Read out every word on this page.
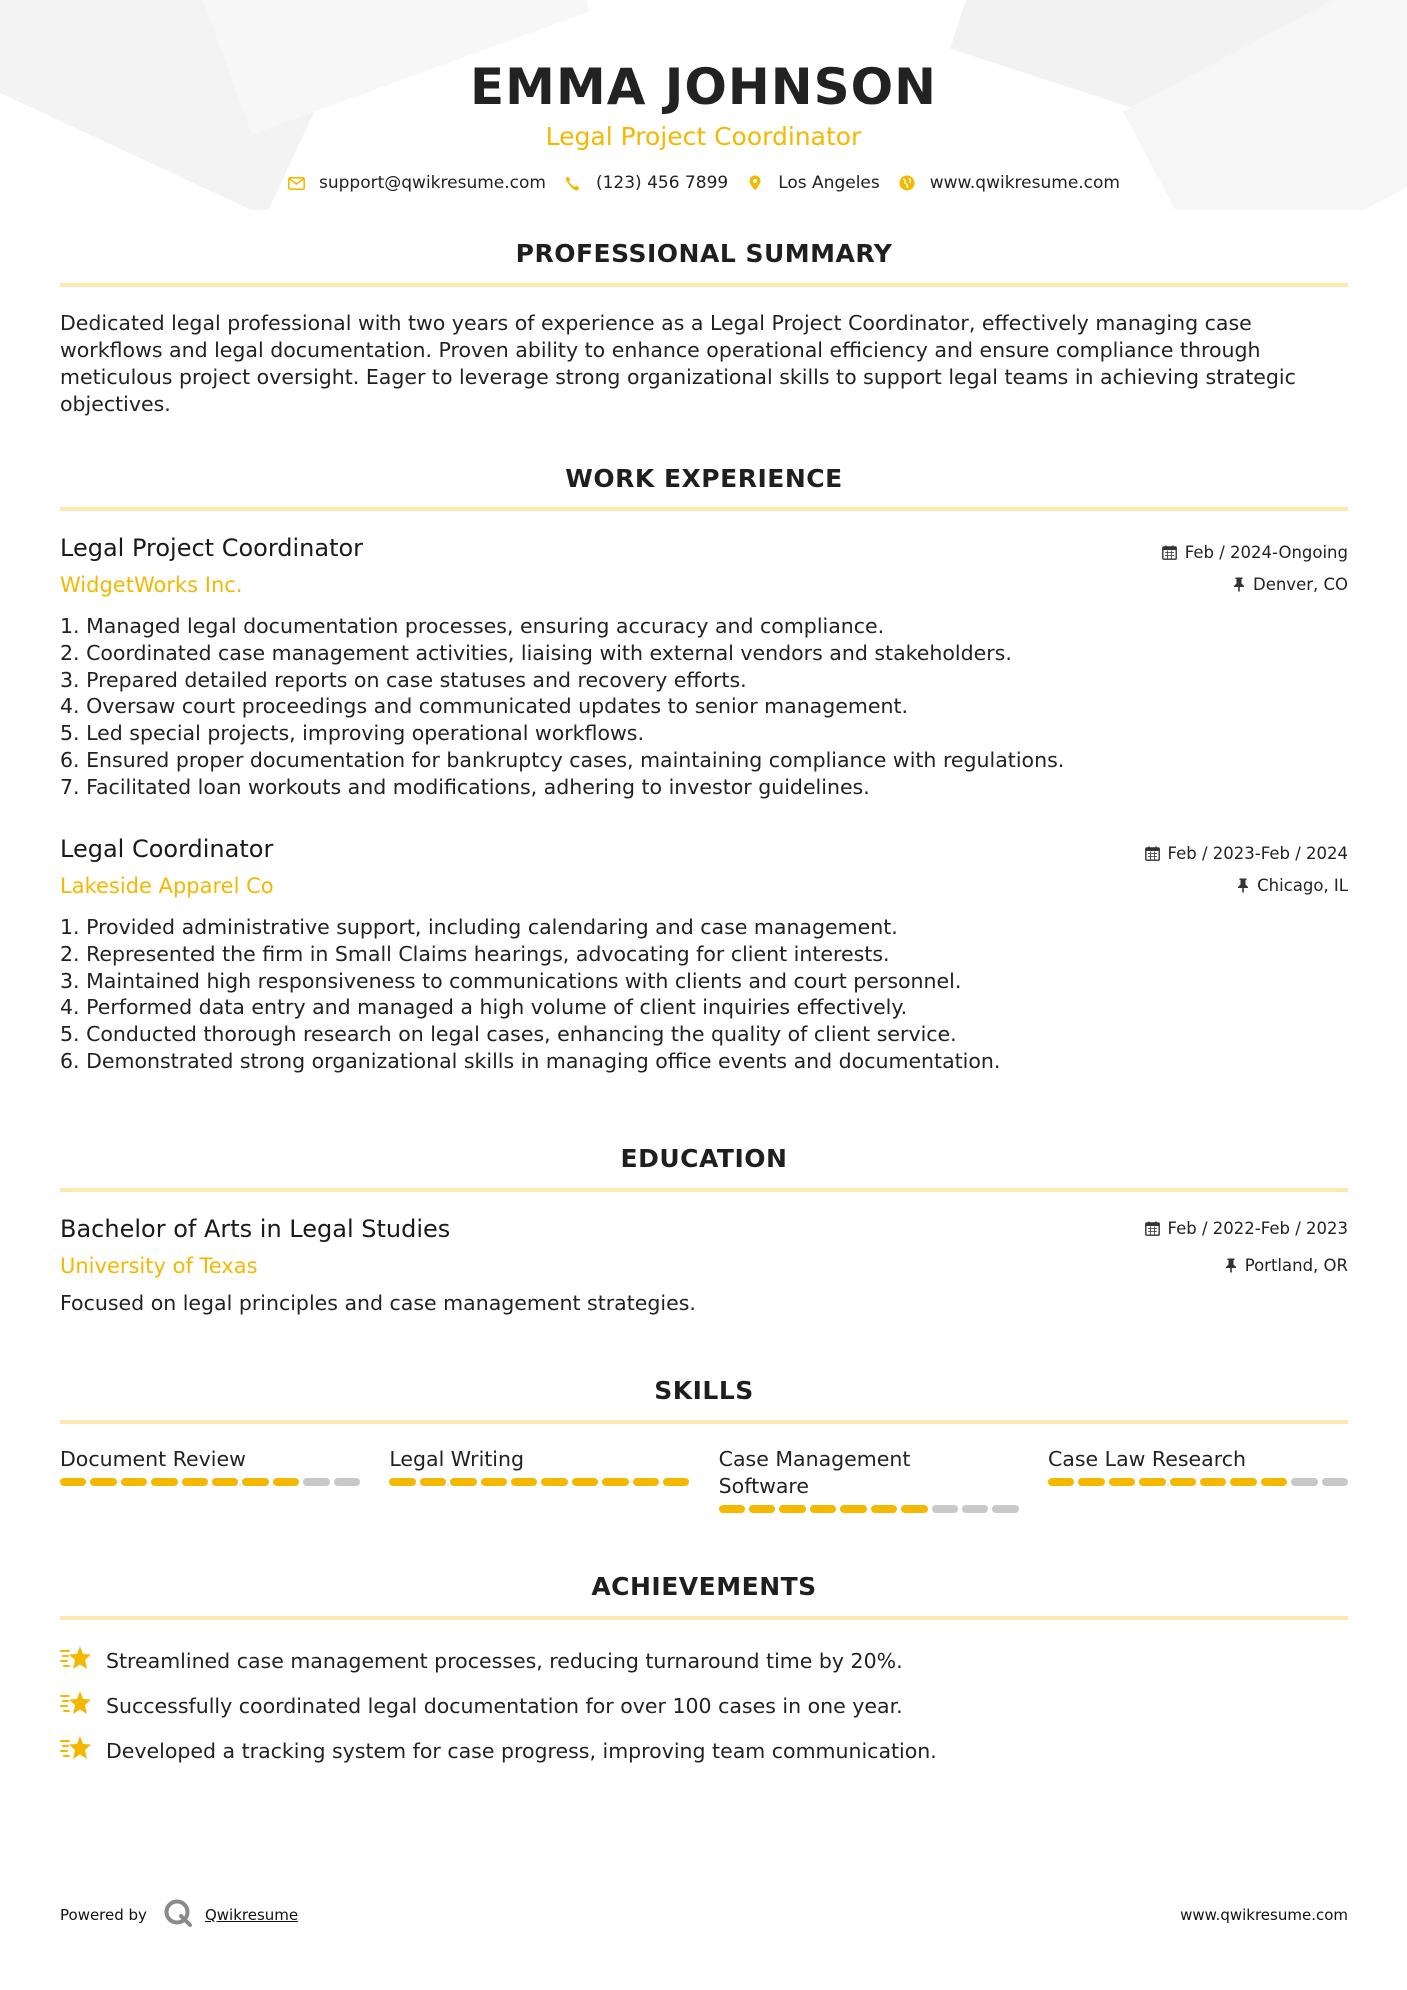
EMMA JOHNSON
Legal Project Coordinator
support@qwikresume.com	(123) 456 7899	Los Angeles	www.qwikresume.com
PROFESSIONAL SUMMARY
Dedicated legal professional with two years of experience as a Legal Project Coordinator, effectively managing case workflows and legal documentation. Proven ability to enhance operational efficiency and ensure compliance through meticulous project oversight. Eager to leverage strong organizational skills to support legal teams in achieving strategic objectives.
WORK EXPERIENCE
Legal Project Coordinator
WidgetWorks Inc.
Feb / 2024-Ongoing
Denver, CO
1. Managed legal documentation processes, ensuring accuracy and compliance.
2. Coordinated case management activities, liaising with external vendors and stakeholders.
3. Prepared detailed reports on case statuses and recovery efforts.
4. Oversaw court proceedings and communicated updates to senior management.
5. Led special projects, improving operational workflows.
6. Ensured proper documentation for bankruptcy cases, maintaining compliance with regulations.
7. Facilitated loan workouts and modifications, adhering to investor guidelines.
Legal Coordinator
Lakeside Apparel Co
Feb / 2023-Feb / 2024
Chicago, IL
1. Provided administrative support, including calendaring and case management.
2. Represented the firm in Small Claims hearings, advocating for client interests.
3. Maintained high responsiveness to communications with clients and court personnel.
4. Performed data entry and managed a high volume of client inquiries effectively.
5. Conducted thorough research on legal cases, enhancing the quality of client service.
6. Demonstrated strong organizational skills in managing office events and documentation.
EDUCATION
Bachelor of Arts in Legal Studies
University of Texas
Feb / 2022-Feb / 2023
Portland, OR
Focused on legal principles and case management strategies.
SKILLS
Document Review	Legal Writing	Case Management Software
Case Law Research
ACHIEVEMENTS
Streamlined case management processes, reducing turnaround time by 20%.
Successfully coordinated legal documentation for over 100 cases in one year.
Developed a tracking system for case progress, improving team communication.
Powered by	Qwikresume	www.qwikresume.com
